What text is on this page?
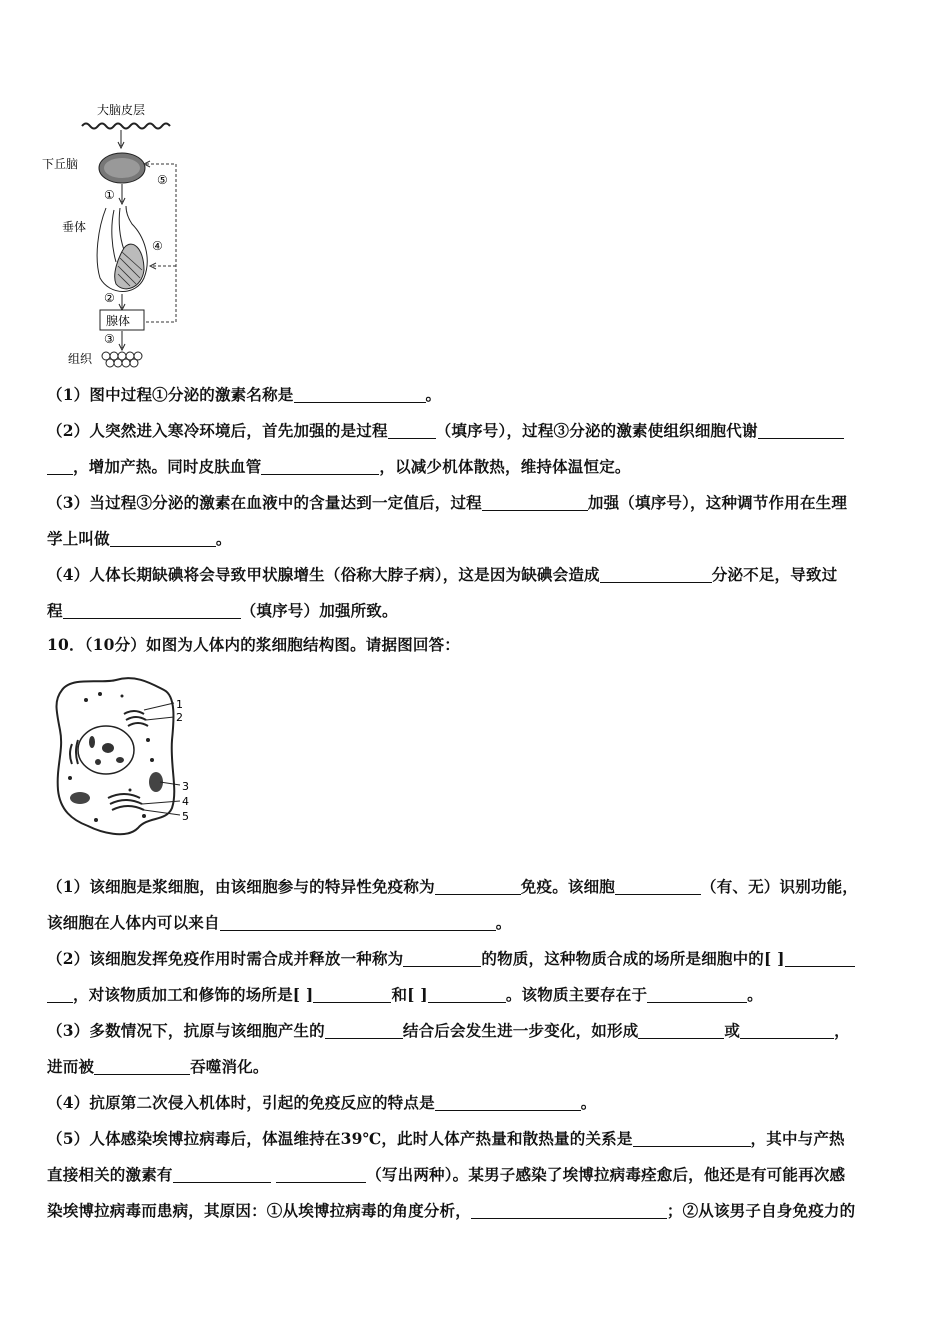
大脑皮层
下丘脑
⑤
④
①
垂体
②
腺体
③
组织
（1）图中过程①分泌的激素名称是	。
（2）人突然进入寒冷环境后，首先加强的是过程	（填序号），过程③分泌的激素使组织细胞代谢
，增加产热。同时皮肤血管	，以减少机体散热，维持体温恒定。
（3）当过程③分泌的激素在血液中的含量达到一定值后，过程	加强（填序号），这种调节作用在生理
学上叫做	。
（4）人体长期缺碘将会导致甲状腺增生（俗称大脖子病），这是因为缺碘会造成	分泌不足，导致过
程	（填序号）加强所致。
10．（10分）如图为人体内的浆细胞结构图。请据图回答：
1
2
3
4
5
（1）该细胞是浆细胞，由该细胞参与的特异性免疫称为	免疫。该细胞	（有、无）识别功能，
该细胞在人体内可以来自	。
（2）该细胞发挥免疫作用时需合成并释放一种称为	的物质，这种物质合成的场所是细胞中的[ ]
，对该物质加工和修饰的场所是[ ]	和[ ]	。该物质主要存在于	。
（3）多数情况下，抗原与该细胞产生的	结合后会发生进一步变化，如形成	或	，
进而被	吞噬消化。
（4）抗原第二次侵入机体时，引起的免疫反应的特点是	。
（5）人体感染埃博拉病毒后，体温维持在39℃，此时人体产热量和散热量的关系是	，其中与产热
直接相关的激素有	（写出两种）。某男子感染了埃博拉病毒痊愈后，他还是有可能再次感
染埃博拉病毒而患病，其原因：①从埃博拉病毒的角度分析，	；②从该男子自身免疫力的
